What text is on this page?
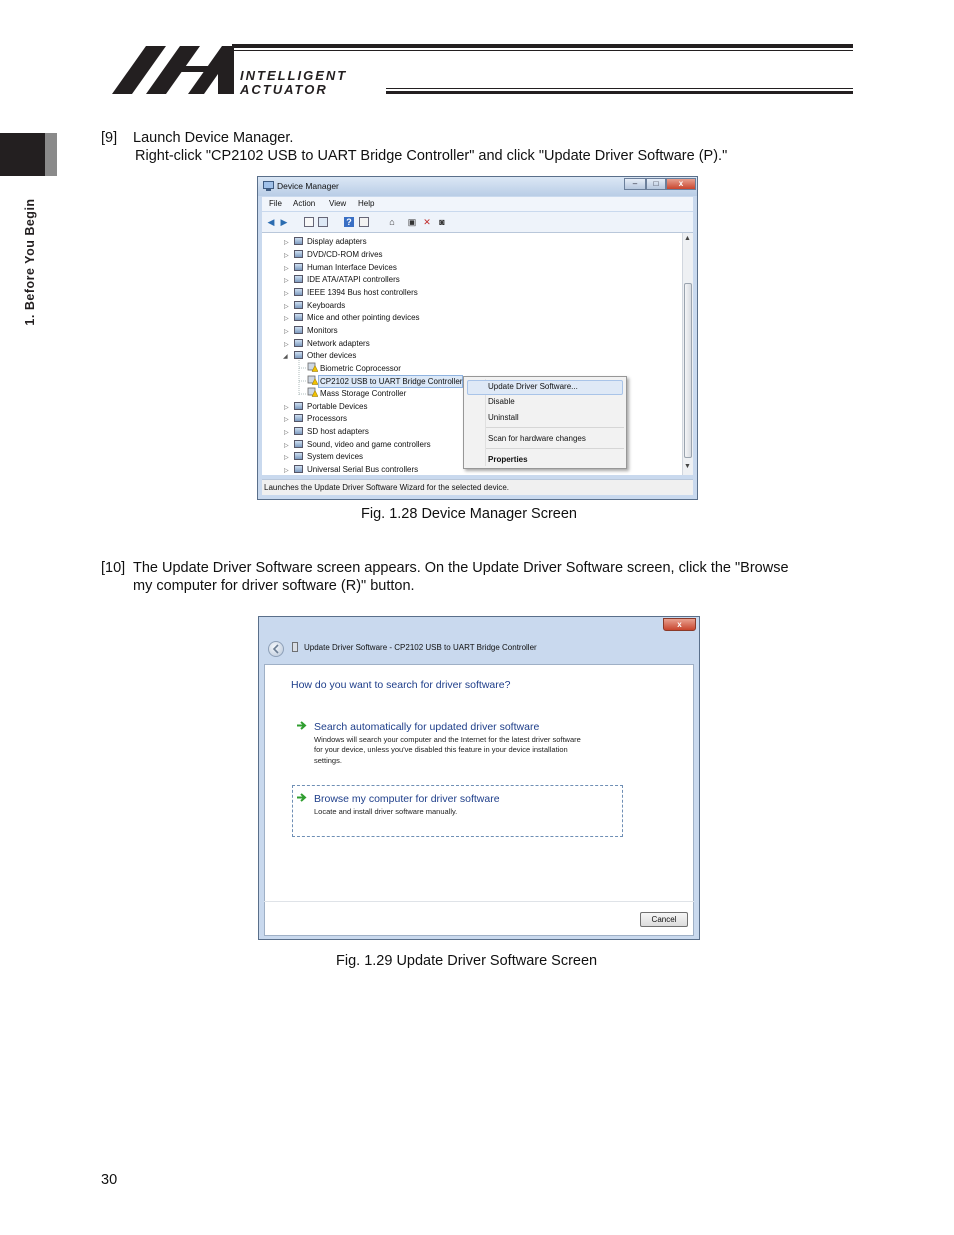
INTELLIGENT
ACTUATOR
1. Before You Begin
[9] Launch Device Manager.
Right-click "CP2102 USB to UART Bridge Controller" and click "Update Driver Software (P)."
Device Manager	–	□	x
File Action View Help
◀ ▶	?	⌂ ▣ ✕ ◙
▷ Display adapters
▷ DVD/CD-ROM drives
▷ Human Interface Devices
▷ IDE ATA/ATAPI controllers
▷ IEEE 1394 Bus host controllers
▷ Keyboards
▷ Mice and other pointing devices
▷ Monitors
▷ Network adapters
◢ Other devices
Biometric Coprocessor
CP2102 USB to UART Bridge Controller
Mass Storage Controller
▷ Portable Devices
▷ Processors
▷ SD host adapters
▷ Sound, video and game controllers
▷ System devices
▷ Universal Serial Bus controllers
▲
▼
Launches the Update Driver Software Wizard for the selected device.
Update Driver Software...
Disable
Uninstall
Scan for hardware changes
Properties
Fig. 1.28 Device Manager Screen
[10] The Update Driver Software screen appears. On the Update Driver Software screen, click the "Browse
my computer for driver software (R)" button.
x
Update Driver Software - CP2102 USB to UART Bridge Controller
How do you want to search for driver software?
Search automatically for updated driver software
Windows will search your computer and the Internet for the latest driver software
for your device, unless you've disabled this feature in your device installation
settings.
Browse my computer for driver software
Locate and install driver software manually.
Cancel
Fig. 1.29 Update Driver Software Screen
30
